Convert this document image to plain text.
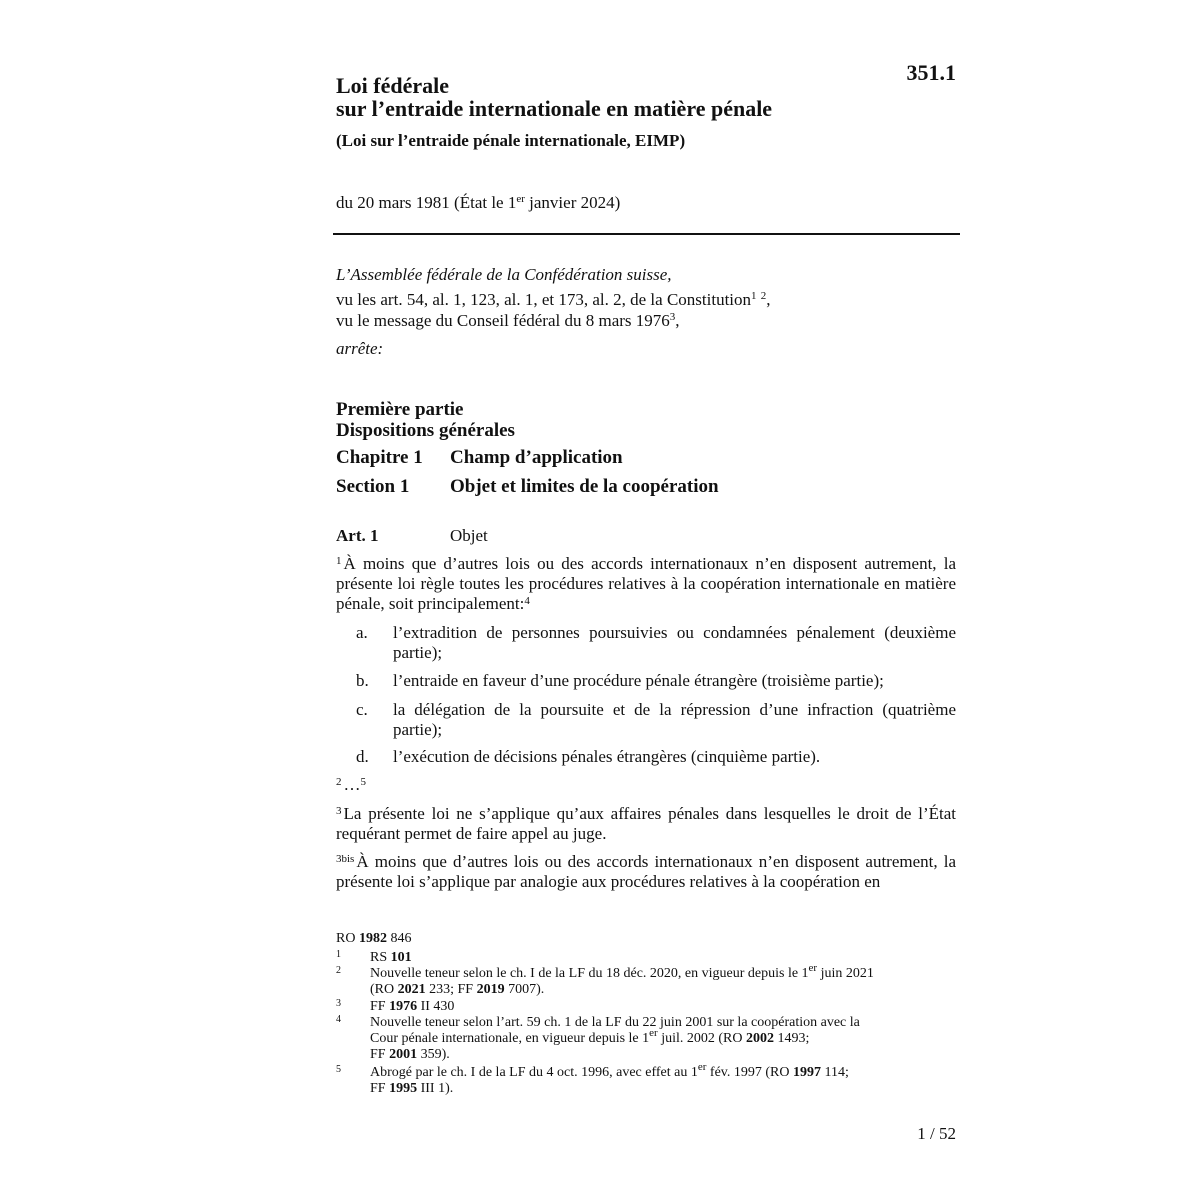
351.1
Loi fédérale
sur l’entraide internationale en matière pénale
(Loi sur l’entraide pénale internationale, EIMP)
du 20 mars 1981 (État le 1er janvier 2024)
L’Assemblée fédérale de la Confédération suisse,
vu les art. 54, al. 1, 123, al. 1, et 173, al. 2, de la Constitution$^1$ $^2$,
vu le message du Conseil fédéral du 8 mars 1976$^3$,
arrête:
Première partie
Dispositions générales
Chapitre 1 Champ d’application
Section 1 Objet et limites de la coopération
Art. 1	Objet
$^1$ À moins que d’autres lois ou des accords internationaux n’en disposent autrement, la présente loi règle toutes les procédures relatives à la coopération internationale en matière pénale, soit principalement:$^4$
a. l’extradition de personnes poursuivies ou condamnées pénalement (deuxième partie);
b. l’entraide en faveur d’une procédure pénale étrangère (troisième partie);
c. la délégation de la poursuite et de la répression d’une infraction (quatrième partie);
d. l’exécution de décisions pénales étrangères (cinquième partie).
$^2$ …$^5$
$^3$ La présente loi ne s’applique qu’aux affaires pénales dans lesquelles le droit de l’État requérant permet de faire appel au juge.
$^{3bis}$ À moins que d’autres lois ou des accords internationaux n’en disposent autrement, la présente loi s’applique par analogie aux procédures relatives à la coopération en
RO 1982 846
1 RS 101
2 Nouvelle teneur selon le ch. I de la LF du 18 déc. 2020, en vigueur depuis le 1er juin 2021
(RO 2021 233; FF 2019 7007).
3 FF 1976 II 430
4 Nouvelle teneur selon l’art. 59 ch. 1 de la LF du 22 juin 2001 sur la coopération avec la
Cour pénale internationale, en vigueur depuis le 1er juil. 2002 (RO 2002 1493;
FF 2001 359).
5 Abrogé par le ch. I de la LF du 4 oct. 1996, avec effet au 1er fév. 1997 (RO 1997 114;
FF 1995 III 1).
1 / 52
